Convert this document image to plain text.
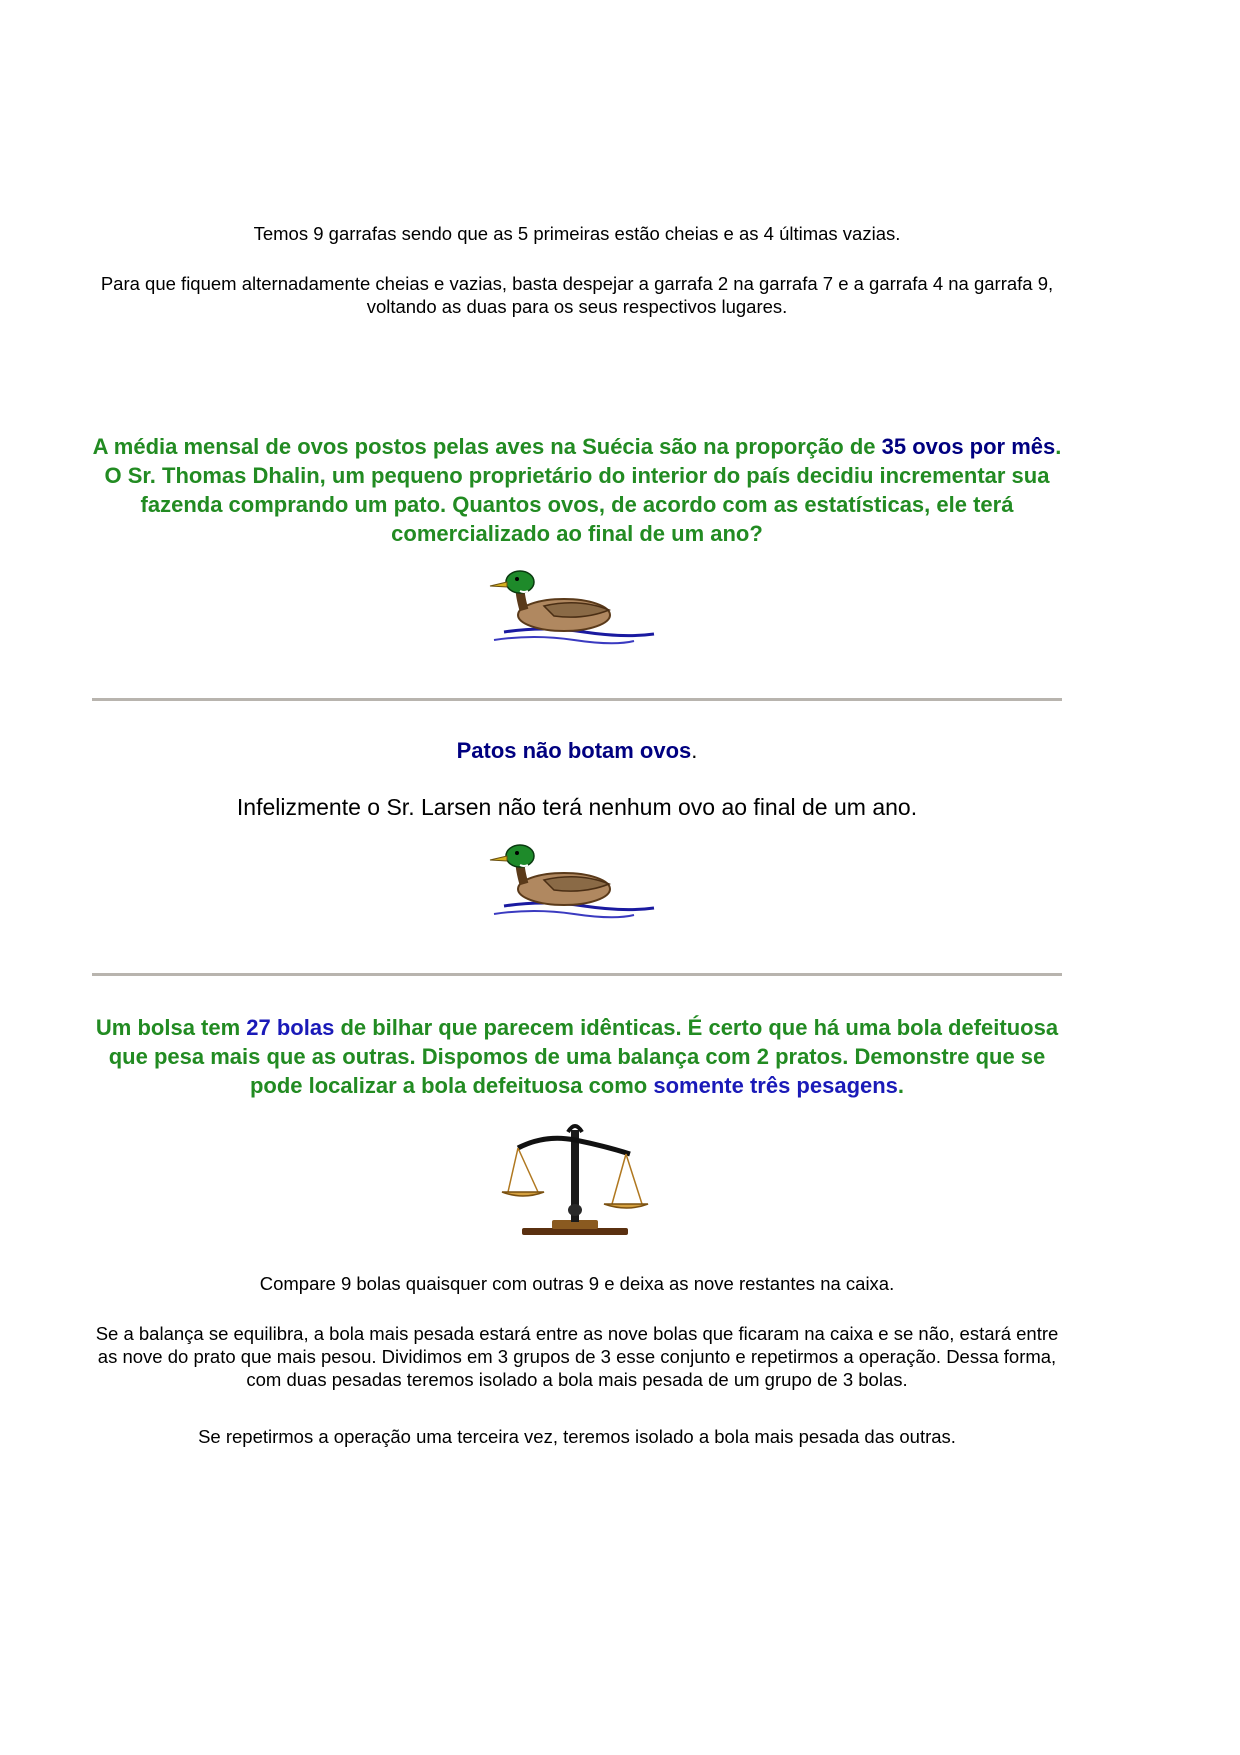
Temos 9 garrafas sendo que as 5 primeiras estão cheias e as 4 últimas vazias.

Para que fiquem alternadamente cheias e vazias, basta despejar a garrafa 2 na garrafa 7 e a garrafa 4 na garrafa 9, voltando as duas para os seus respectivos lugares.

A média mensal de ovos postos pelas aves na Suécia são na proporção de 35 ovos por mês. O Sr. Thomas Dhalin, um pequeno proprietário do interior do país decidiu incrementar sua fazenda comprando um pato. Quantos ovos, de acordo com as estatísticas, ele terá comercializado ao final de um ano?

Patos não botam ovos.

Infelizmente o Sr. Larsen não terá nenhum ovo ao final de um ano.

Um bolsa tem 27 bolas de bilhar que parecem idênticas. É certo que há uma bola defeituosa que pesa mais que as outras. Dispomos de uma balança com 2 pratos. Demonstre que se pode localizar a bola defeituosa como somente três pesagens.

Compare 9 bolas quaisquer com outras 9 e deixa as nove restantes na caixa.

Se a balança se equilibra, a bola mais pesada estará entre as nove bolas que ficaram na caixa e se não, estará entre as nove do prato que mais pesou. Dividimos em 3 grupos de 3 esse conjunto e repetirmos a operação. Dessa forma, com duas pesadas teremos isolado a bola mais pesada de um grupo de 3 bolas.

Se repetirmos a operação uma terceira vez, teremos isolado a bola mais pesada das outras.
